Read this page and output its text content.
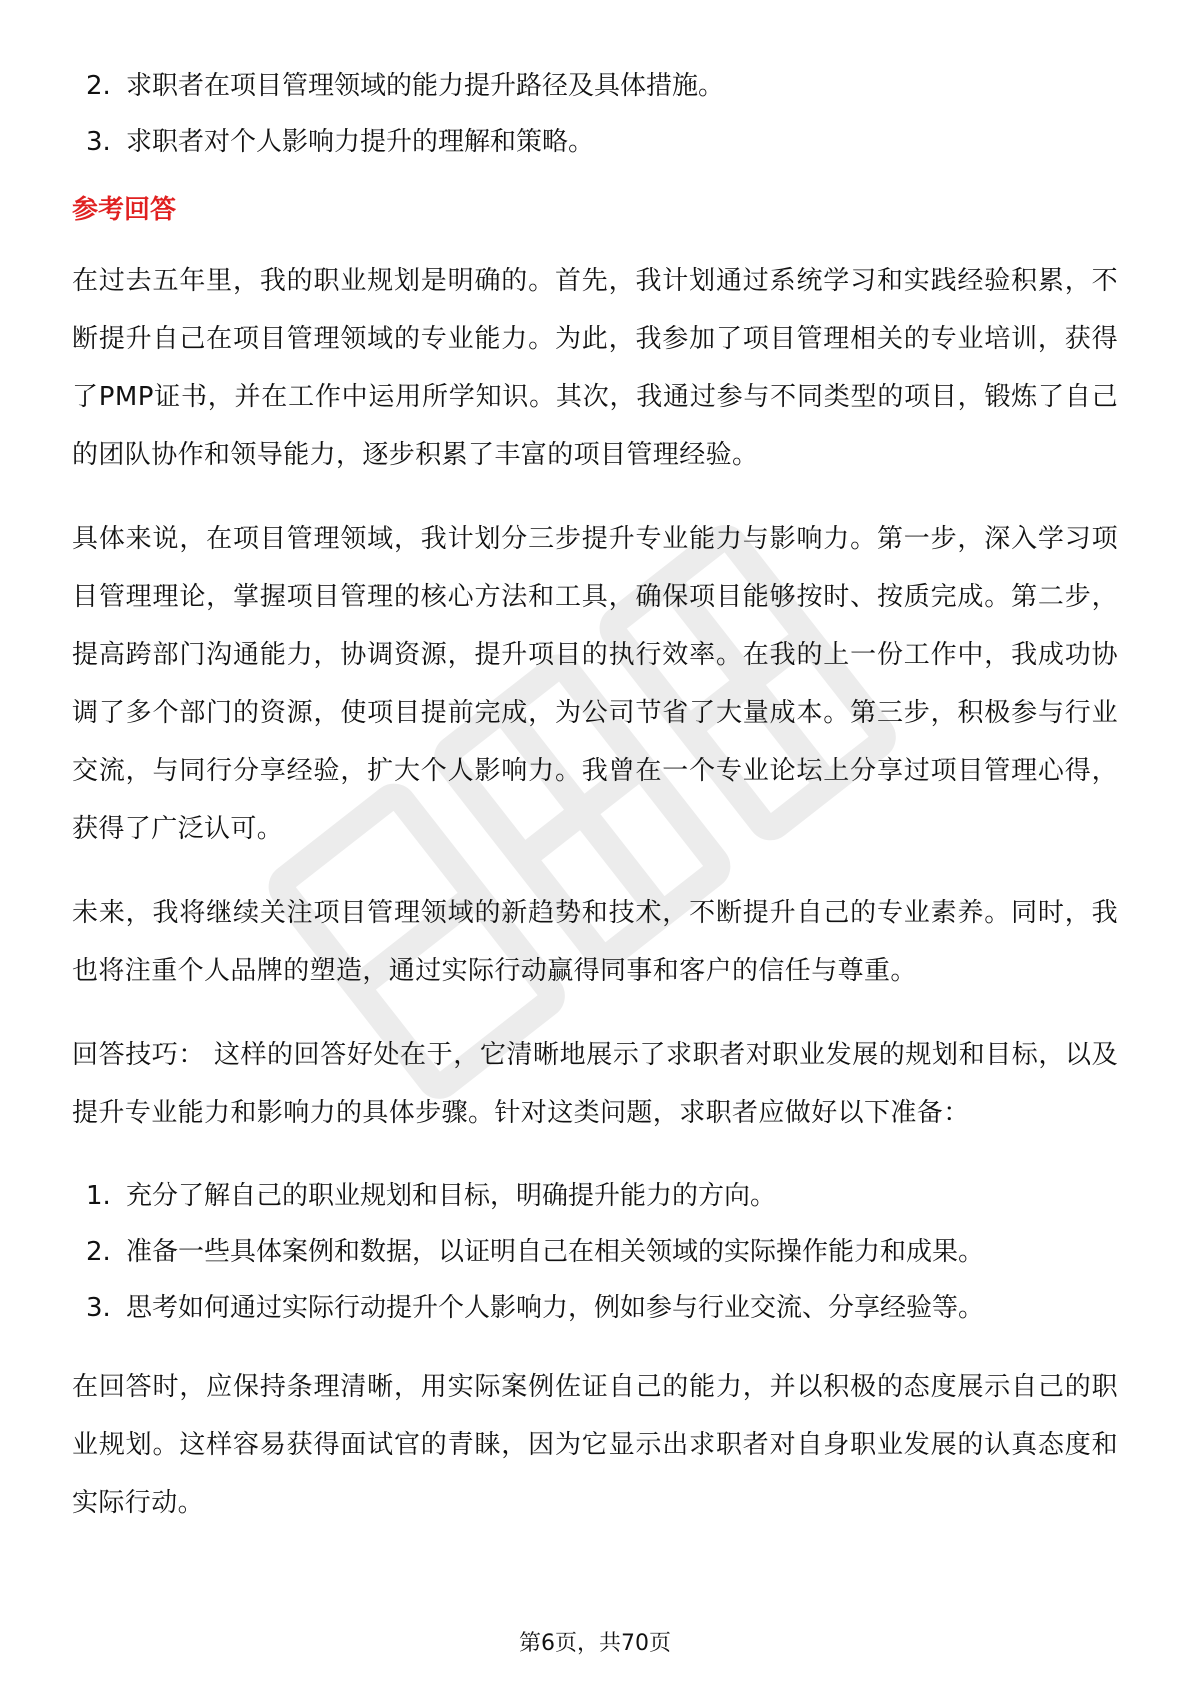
2. 求职者在项目管理领域的能力提升路径及具体措施。
3. 求职者对个人影响力提升的理解和策略。
参考回答

在过去五年里，我的职业规划是明确的。首先，我计划通过系统学习和实践经验积累，不断提升自己在项目管理领域的专业能力。为此，我参加了项目管理相关的专业培训，获得了PMP证书，并在工作中运用所学知识。其次，我通过参与不同类型的项目，锻炼了自己的团队协作和领导能力，逐步积累了丰富的项目管理经验。

具体来说，在项目管理领域，我计划分三步提升专业能力与影响力。第一步，深入学习项目管理理论，掌握项目管理的核心方法和工具，确保项目能够按时、按质完成。第二步，提高跨部门沟通能力，协调资源，提升项目的执行效率。在我的上一份工作中，我成功协调了多个部门的资源，使项目提前完成，为公司节省了大量成本。第三步，积极参与行业交流，与同行分享经验，扩大个人影响力。我曾在一个专业论坛上分享过项目管理心得，获得了广泛认可。

未来，我将继续关注项目管理领域的新趋势和技术，不断提升自己的专业素养。同时，我也将注重个人品牌的塑造，通过实际行动赢得同事和客户的信任与尊重。

回答技巧： 这样的回答好处在于，它清晰地展示了求职者对职业发展的规划和目标，以及提升专业能力和影响力的具体步骤。针对这类问题，求职者应做好以下准备：

1. 充分了解自己的职业规划和目标，明确提升能力的方向。
2. 准备一些具体案例和数据，以证明自己在相关领域的实际操作能力和成果。
3. 思考如何通过实际行动提升个人影响力，例如参与行业交流、分享经验等。

在回答时，应保持条理清晰，用实际案例佐证自己的能力，并以积极的态度展示自己的职业规划。这样容易获得面试官的青睐，因为它显示出求职者对自身职业发展的认真态度和实际行动。

第6页，共70页
